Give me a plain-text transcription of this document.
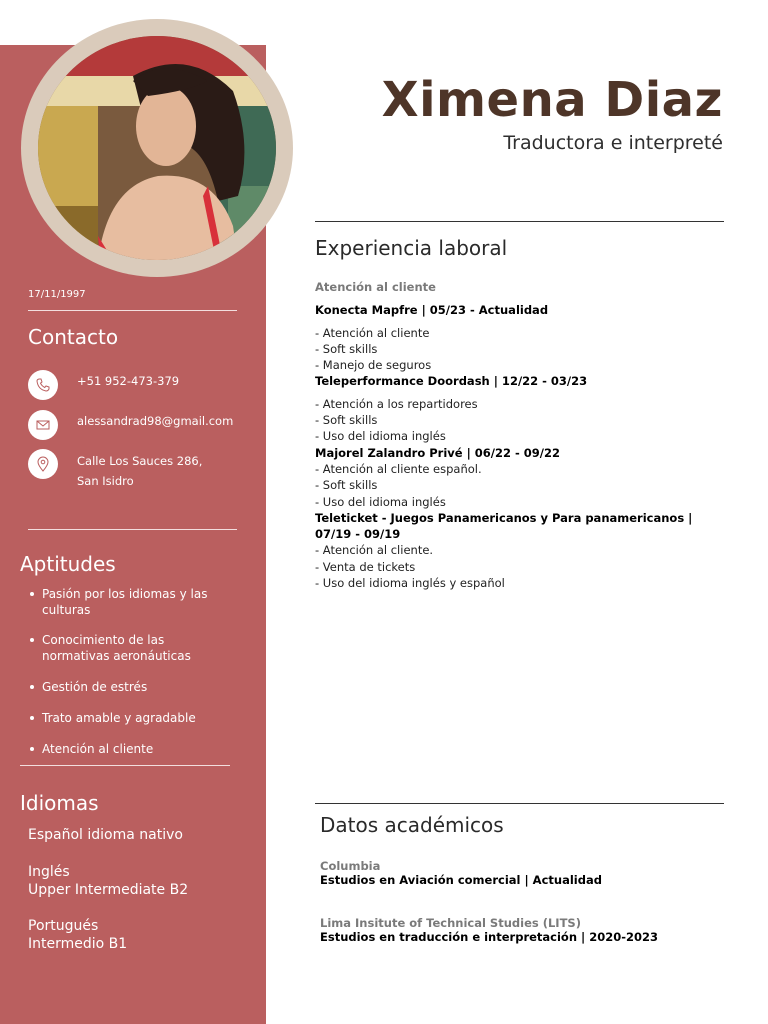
17/11/1997
Contacto
+51 952-473-379
alessandrad98@gmail.com
Calle Los Sauces 286,
San Isidro
Aptitudes
Pasión por los idiomas y las culturas
Conocimiento de las normativas aeronáuticas
Gestión de estrés
Trato amable y agradable
Atención al cliente
Idiomas
Español idioma nativo
Inglés
Upper Intermediate B2
Portugués
Intermedio B1
Ximena Diaz
Traductora e interpreté
Experiencia laboral
Atención al cliente
Konecta Mapfre | 05/23 - Actualidad
- Atención al cliente
- Soft skills
- Manejo de seguros
Teleperformance Doordash | 12/22 - 03/23
- Atención a los repartidores
- Soft skills
- Uso del idioma inglés
Majorel Zalandro Privé | 06/22 - 09/22
- Atención al cliente español.
- Soft skills
- Uso del idioma inglés
Teleticket - Juegos Panamericanos y Para panamericanos | 07/19 - 09/19
- Atención al cliente.
- Venta de tickets
- Uso del idioma inglés y español
Datos académicos
Columbia
Estudios en Aviación comercial | Actualidad
Lima Insitute of Technical Studies (LITS)
Estudios en traducción e interpretación | 2020-2023
